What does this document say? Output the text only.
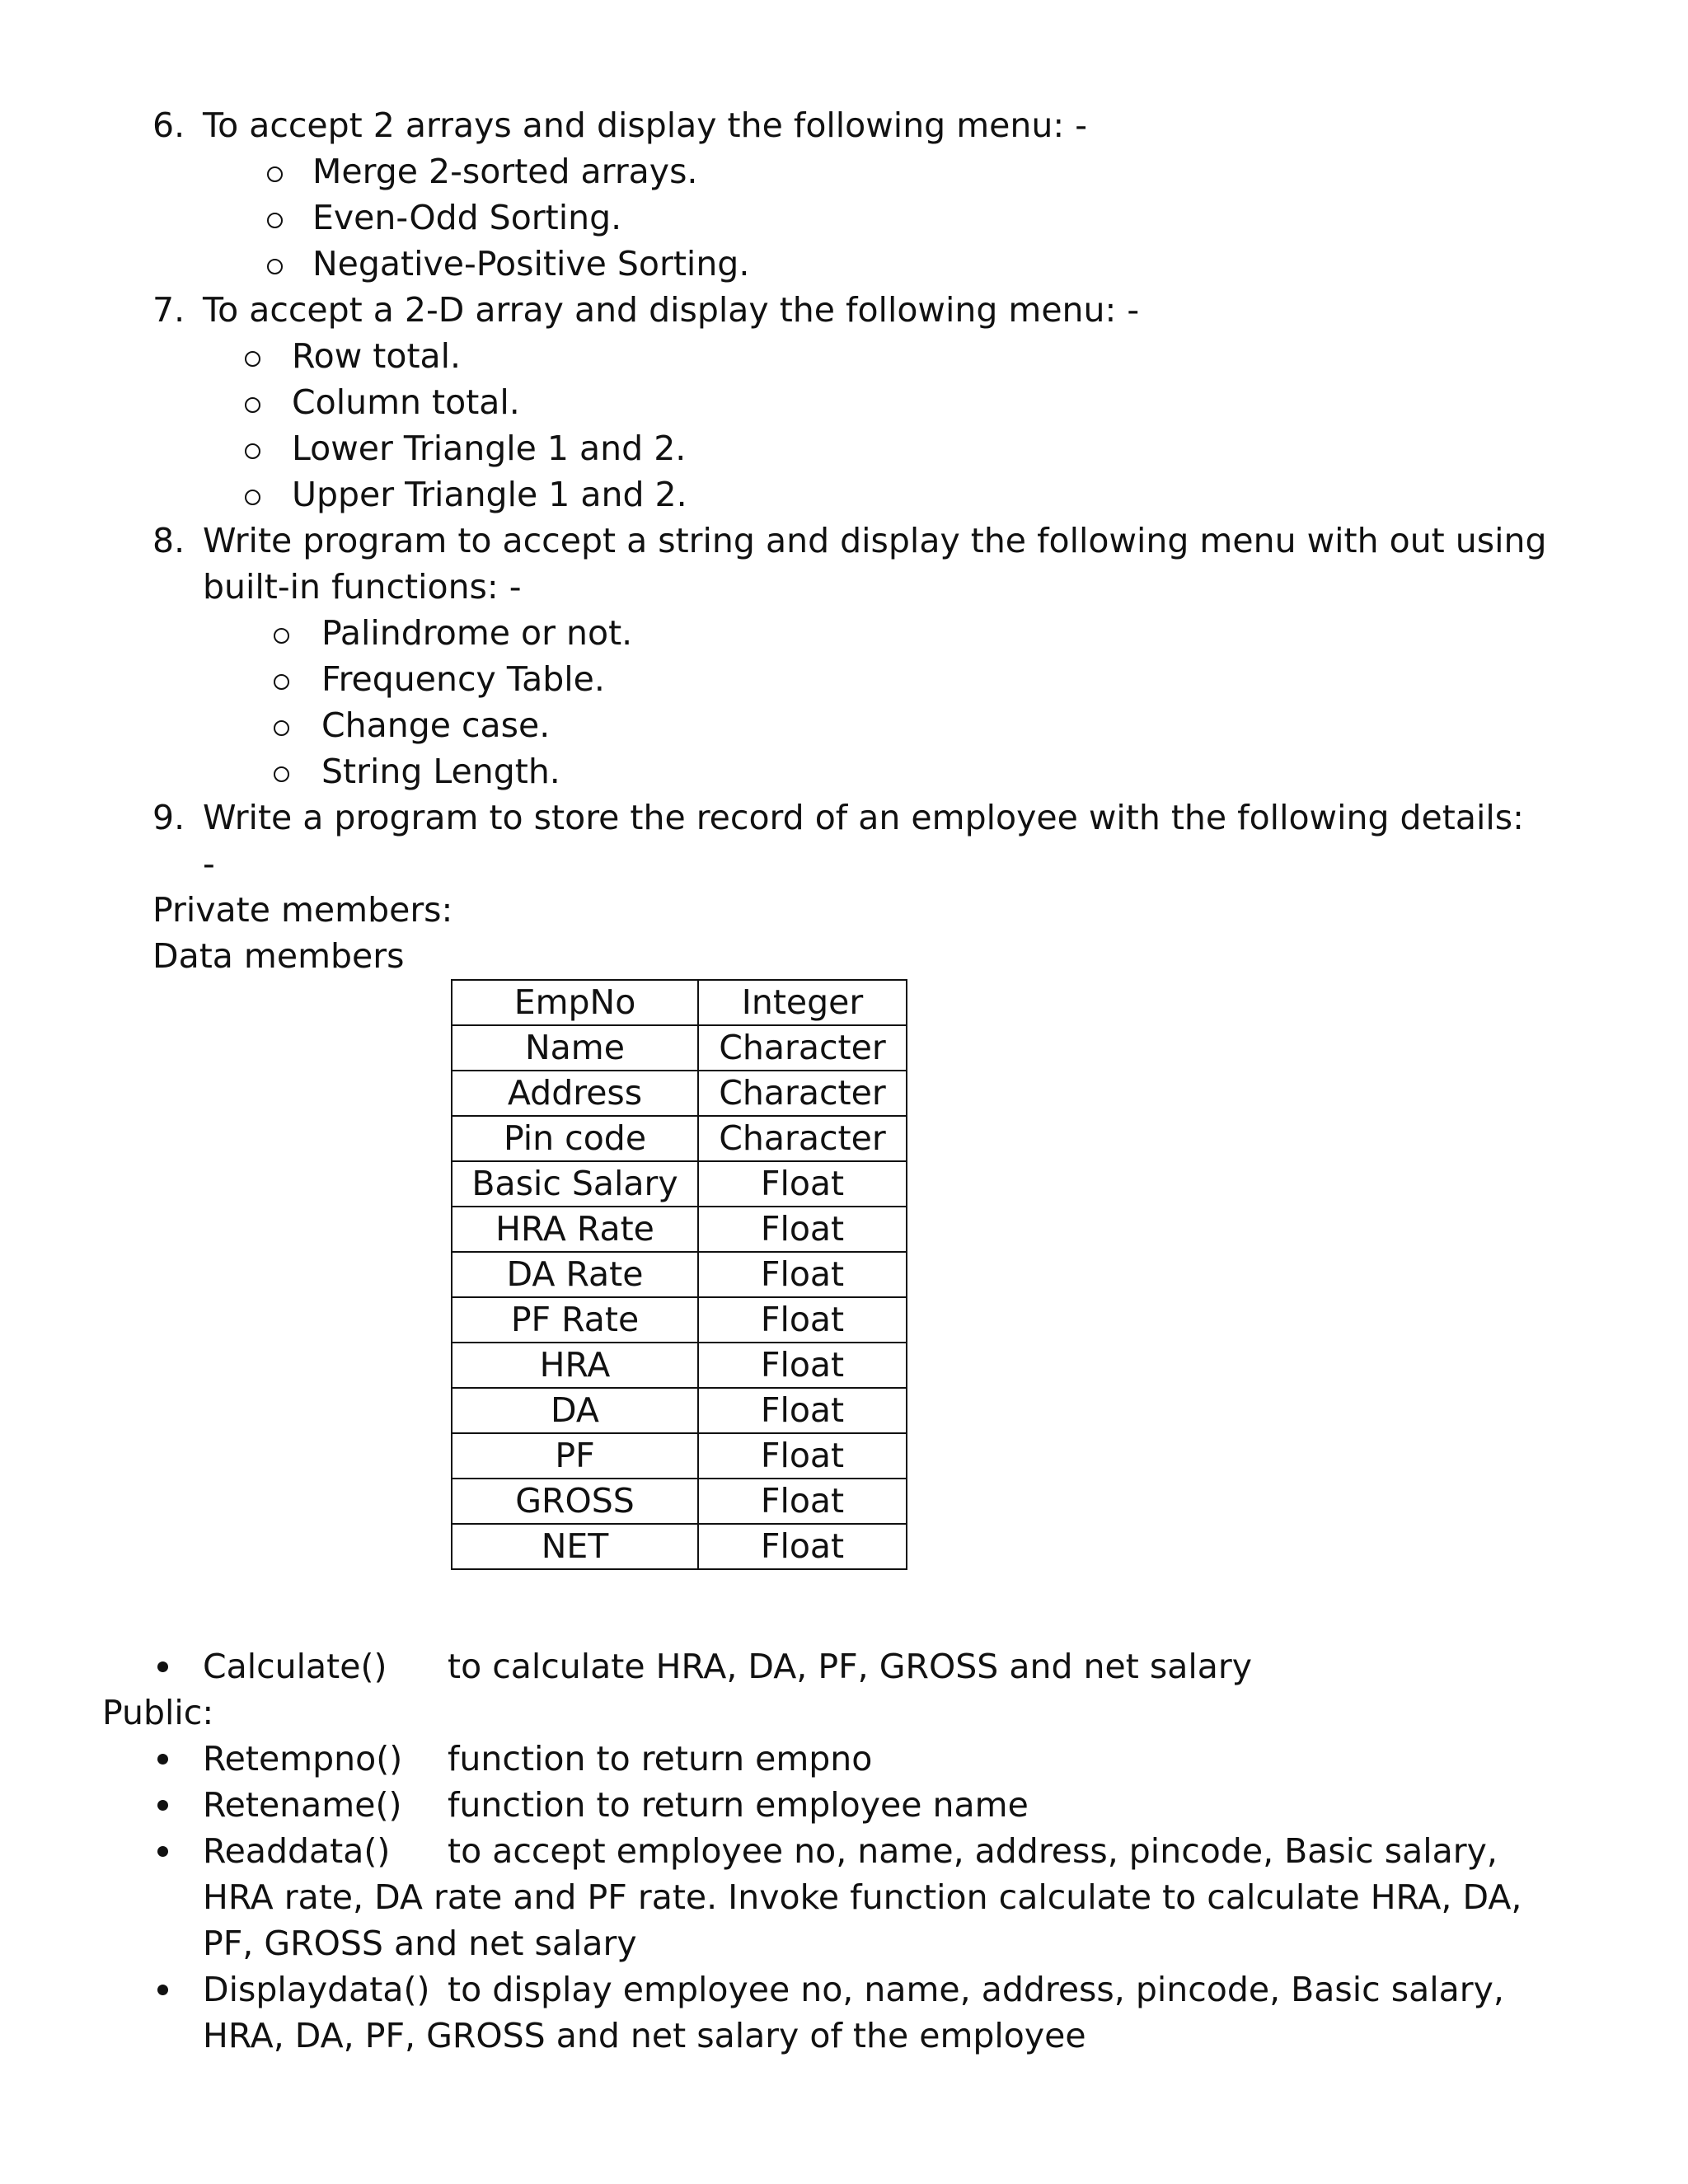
6. To accept 2 arrays and display the following menu: -
Merge 2-sorted arrays.
Even-Odd Sorting.
Negative-Positive Sorting.
7. To accept a 2-D array and display the following menu: -
Row total.
Column total.
Lower Triangle 1 and 2.
Upper Triangle 1 and 2.
8. Write program to accept a string and display the following menu with out using
built-in functions: -
Palindrome or not.
Frequency Table.
Change case.
String Length.
9. Write a program to store the record of an employee with the following details:
-
Private members:
Data members
EmpNo	Integer
Name	Character
Address	Character
Pin code	Character
Basic Salary	Float
HRA Rate	Float
DA Rate	Float
PF Rate	Float
HRA	Float
DA	Float
PF	Float
GROSS	Float
NET	Float
Calculate() to calculate HRA, DA, PF, GROSS and net salary
Public:
Retempno() function to return empno
Retename() function to return employee name
Readdata() to accept employee no, name, address, pincode, Basic salary,
HRA rate, DA rate and PF rate. Invoke function calculate to calculate HRA, DA,
PF, GROSS and net salary
Displaydata() to display employee no, name, address, pincode, Basic salary,
HRA, DA, PF, GROSS and net salary of the employee
